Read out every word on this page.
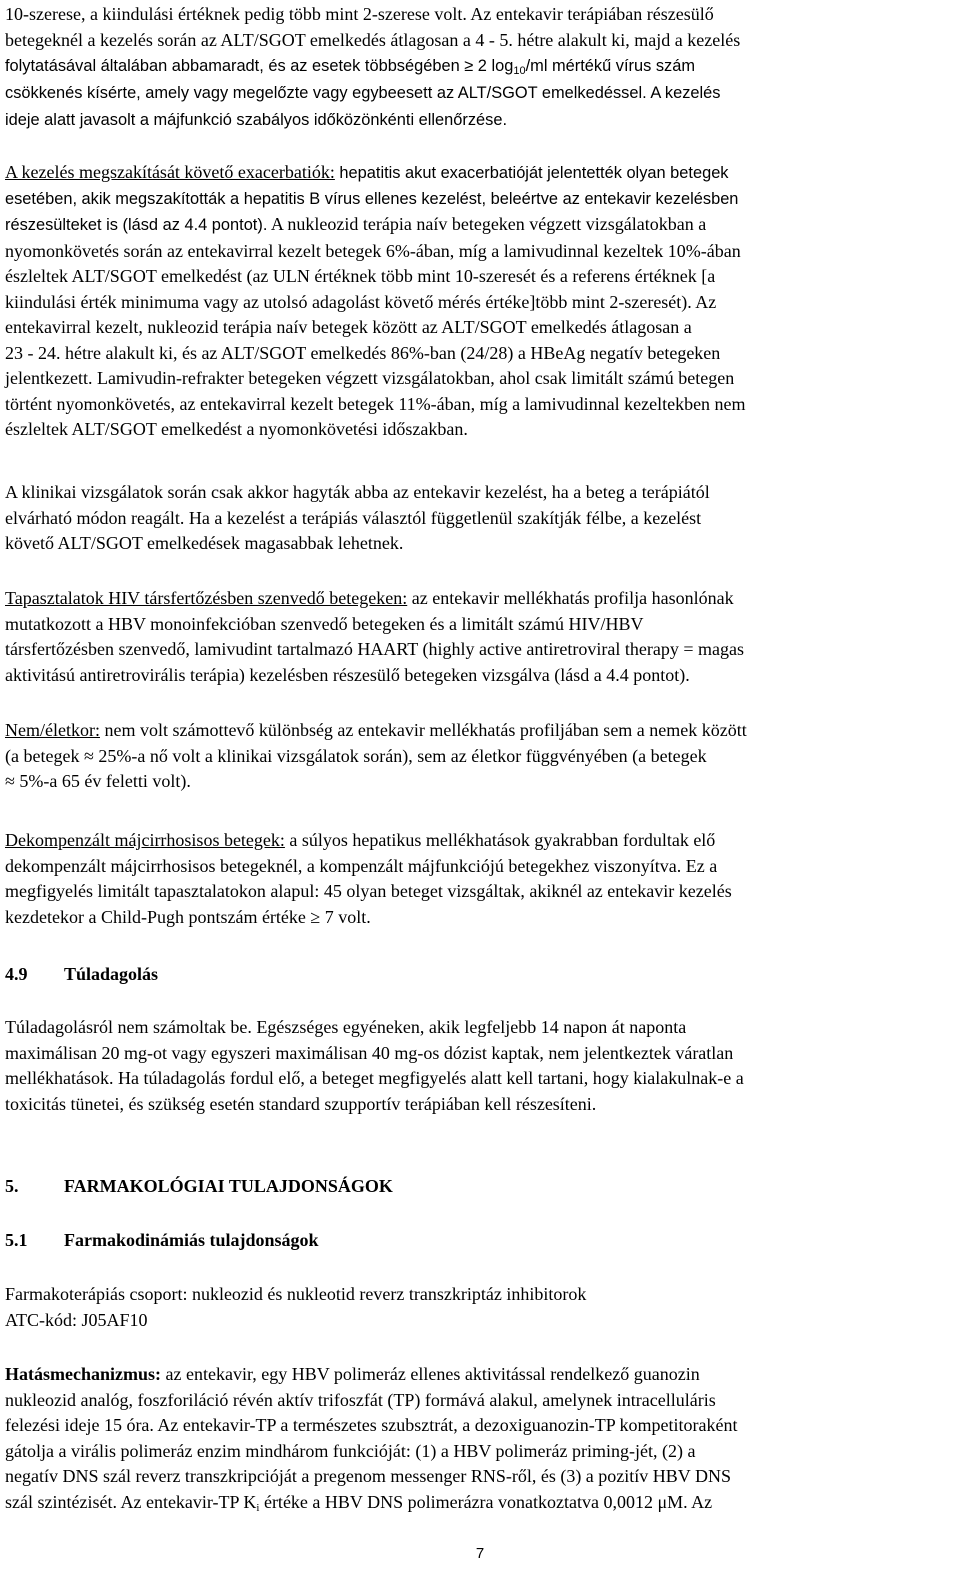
10-szerese, a kiindulási értéknek pedig több mint 2-szerese volt. Az entekavir terápiában részesülő

betegeknél a kezelés során az ALT/SGOT emelkedés átlagosan a 4 - 5. hétre alakult ki, majd a kezelés

folytatásával általában abbamaradt, és az esetek többségében ≥ 2 $\log_{10}/ml$ mértékű vírus szám

csökkenés kísérte, amely vagy megelőzte vagy egybeesett az ALT/SGOT emelkedéssel. A kezelés

ideje alatt javasolt a májfunkció szabályos időközönkénti ellenőrzése.

A kezelés megszakítását követő exacerbatiók: hepatitis akut exacerbatióját jelentették olyan betegek

esetében, akik megszakították a hepatitis B vírus ellenes kezelést, beleértve az entekavir kezelésben

részesülteket is (lásd az 4.4 pontot). A nukleozid terápia naív betegeken végzett vizsgálatokban a

nyomonkövetés során az entekavirral kezelt betegek 6%-ában, míg a lamivudinnal kezeltek 10%-ában

észleltek ALT/SGOT emelkedést (az ULN értéknek több mint 10-szeresét és a referens értéknek [a

kiindulási érték minimuma vagy az utolsó adagolást követő mérés értéke]több mint 2-szeresét). Az

entekavirral kezelt, nukleozid terápia naív betegek között az ALT/SGOT emelkedés átlagosan a

23 - 24. hétre alakult ki, és az ALT/SGOT emelkedés 86%-ban (24/28) a HBeAg negatív betegeken

jelentkezett. Lamivudin-refrakter betegeken végzett vizsgálatokban, ahol csak limitált számú betegen

történt nyomonkövetés, az entekavirral kezelt betegek 11%-ában, míg a lamivudinnal kezeltekben nem

észleltek ALT/SGOT emelkedést a nyomonkövetési időszakban.

A klinikai vizsgálatok során csak akkor hagyták abba az entekavir kezelést, ha a beteg a terápiától

elvárható módon reagált. Ha a kezelést a terápiás választól függetlenül szakítják félbe, a kezelést

követő ALT/SGOT emelkedések magasabbak lehetnek.

Tapasztalatok HIV társfertőzésben szenvedő betegeken: az entekavir mellékhatás profilja hasonlónak

mutatkozott a HBV monoinfekcióban szenvedő betegeken és a limitált számú HIV/HBV

társfertőzésben szenvedő, lamivudint tartalmazó HAART (highly active antiretroviral therapy = magas

aktivitású antiretrovirális terápia) kezelésben részesülő betegeken vizsgálva (lásd a 4.4 pontot).

Nem/életkor: nem volt számottevő különbség az entekavir mellékhatás profiljában sem a nemek között

(a betegek ≈ 25%-a nő volt a klinikai vizsgálatok során), sem az életkor függvényében (a betegek

≈ 5%-a 65 év feletti volt).

Dekompenzált májcirrhosisos betegek: a súlyos hepatikus mellékhatások gyakrabban fordultak elő

dekompenzált májcirrhosisos betegeknél, a kompenzált májfunkciójú betegekhez viszonyítva. Ez a

megfigyelés limitált tapasztalatokon alapul: 45 olyan beteget vizsgáltak, akiknél az entekavir kezelés

kezdetekor a Child-Pugh pontszám értéke ≥ 7 volt.

4.9 Túladagolás

Túladagolásról nem számoltak be. Egészséges egyéneken, akik legfeljebb 14 napon át naponta

maximálisan 20 mg-ot vagy egyszeri maximálisan 40 mg-os dózist kaptak, nem jelentkeztek váratlan

mellékhatások. Ha túladagolás fordul elő, a beteget megfigyelés alatt kell tartani, hogy kialakulnak-e a

toxicitás tünetei, és szükség esetén standard szupportív terápiában kell részesíteni.

5.	FARMAKOLÓGIAI TULAJDONSÁGOK
5.1 Farmakodinámiás tulajdonságok

Farmakoterápiás csoport: nukleozid és nukleotid reverz transzkriptáz inhibitorok

ATC-kód: J05AF10

Hatásmechanizmus: az entekavir, egy HBV polimeráz ellenes aktivitással rendelkező guanozin

nukleozid analóg, foszforiláció révén aktív trifoszfát (TP) formává alakul, amelynek intracelluláris

felezési ideje 15 óra. Az entekavir-TP a természetes szubsztrát, a dezoxiguanozin-TP kompetitoraként

gátolja a virális polimeráz enzim mindhárom funkcióját: (1) a HBV polimeráz priming-jét, (2) a

negatív DNS szál reverz transzkripcióját a pregenom messenger RNS-ről, és (3) a pozitív HBV DNS

szál szintézisét. Az entekavir-TP $K_i$ értéke a HBV DNS polimerázra vonatkoztatva 0,0012 μM. Az

7
